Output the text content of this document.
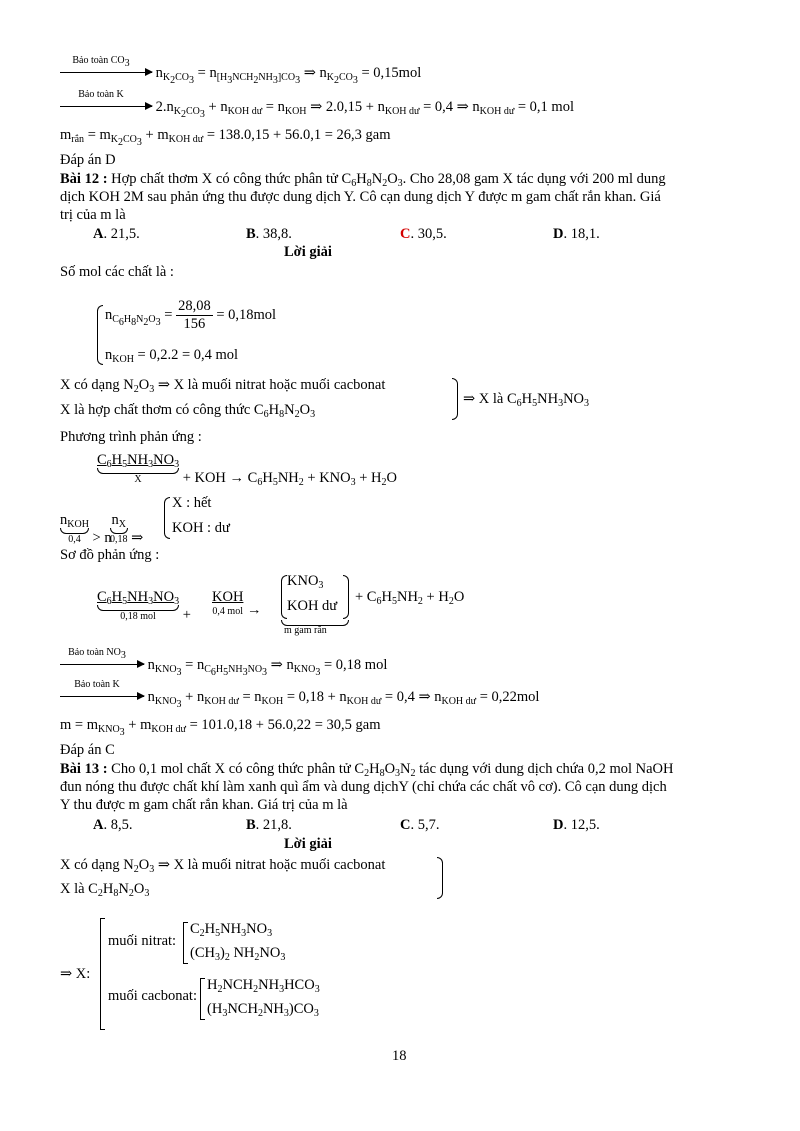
Bảo toàn $CO_3$
$n_{K_2CO_3} = n_{[H_3NCH_2NH_3]CO_3}$ ⇒ $n_{K_2CO_3} = 0,15mol$
Bảo toàn K
$2.n_{K_2CO_3} + n_{KOH dư} = n_{KOH}$ ⇒ $2.0,15 + n_{KOH dư} = 0,4$ ⇒ $n_{KOH dư} = 0,1$ mol
$m_{rắn} = m_{K_2CO_3} + m_{KOH dư} = 138.0,15 + 56.0,1 = 26,3$ gam
Đáp án D
Bài 12 : Hợp chất thơm X có công thức phân tử $C_6H_8N_2O_3$. Cho 28,08 gam X tác dụng với 200 ml dung
dịch KOH 2M sau phản ứng thu được dung dịch Y. Cô cạn dung dịch Y được m gam chất rắn khan. Giá
trị của m là
A. 21,5.	B. 38,8.	C. 30,5.	D. 18,1.
Lời giải
Số mol các chất là :
$n_{C_6H_8N_2O_3} = \frac{28,08}{156} = 0,18mol$
$n_{KOH} = 0,2.2 = 0,4$ mol
X có dạng $N_2O_3$ ⇒ X là muối nitrat hoặc muối cacbonat
X là hợp chất thơm có công thức $C_6H_8N_2O_3$
⇒ X là $C_6H_5NH_3NO_3$
Phương trình phản ứng :
$C_6H_5NH_3NO_3$
X	+ KOH → $C_6H_5NH_2 + KNO_3 + H_2O$
$n_{KOH}$
0,4 > n
$n_X$
0,18 ⇒
X : hết
KOH : dư
Sơ đồ phản ứng :
$C_6H_5NH_3NO_3$
0,18 mol	+
KOH
0,4 mol →
$KNO_3$
KOH dư
m gam rắn
+ $C_6H_5NH_2 + H_2O$
Bảo toàn $NO_3$
$n_{KNO_3} = n_{C_6H_5NH_3NO_3}$ ⇒ $n_{KNO_3} = 0,18$ mol
Bảo toàn K
$n_{KNO_3} + n_{KOH dư} = n_{KOH} = 0,18 + n_{KOH dư} = 0,4$ ⇒ $n_{KOH dư} = 0,22mol$
$m = m_{KNO_3} + m_{KOH dư} = 101.0,18 + 56.0,22 = 30,5$ gam
Đáp án C
Bài 13 : Cho 0,1 mol chất X có công thức phân tử $C_2H_8O_3N_2$ tác dụng với dung dịch chứa 0,2 mol NaOH
đun nóng thu được chất khí làm xanh quì ẩm và dung dịchY (chỉ chứa các chất vô cơ). Cô cạn dung dịch
Y thu được m gam chất rắn khan. Giá trị của m là
A. 8,5.	B. 21,8.	C. 5,7.	D. 12,5.
Lời giải
X có dạng $N_2O_3$ ⇒ X là muối nitrat hoặc muối cacbonat
X là $C_2H_8N_2O_3$
⇒ X:
muối nitrat:
$C_2H_5NH_3NO_3$
$(CH_3)_2$ $NH_2NO_3$
muối cacbonat:
$H_2NCH_2NH_3HCO_3$
$(H_3NCH_2NH_3)CO_3$
18
